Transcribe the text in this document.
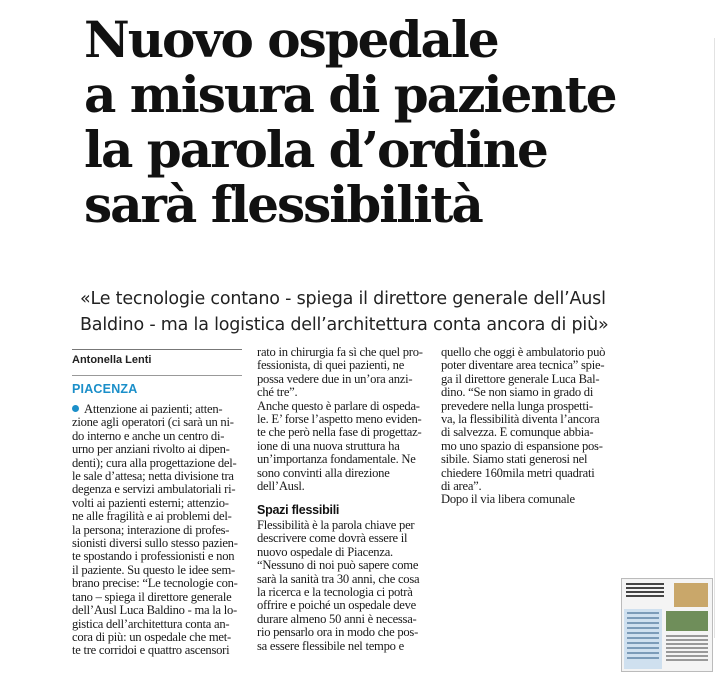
Nuovo ospedale
a misura di paziente
la parola d’ordine
sarà flessibilità
«Le tecnologie contano - spiega il direttore generale dell’Ausl
Baldino - ma la logistica dell’architettura conta ancora di più»
Antonella Lenti
PIACENZA
Attenzione ai pazienti; atten-
zione agli operatori (ci sarà un ni-
do interno e anche un centro di-
urno per anziani rivolto ai dipen-
denti); cura alla progettazione del-
le sale d’attesa; netta divisione tra
degenza e servizi ambulatoriali ri-
volti ai pazienti esterni; attenzio-
ne alle fragilità e ai problemi del-
la persona; interazione di profes-
sionisti diversi sullo stesso pazien-
te spostando i professionisti e non
il paziente. Su questo le idee sem-
brano precise: “Le tecnologie con-
tano – spiega il direttore generale
dell’Ausl Luca Baldino - ma la lo-
gistica dell’architettura conta an-
cora di più: un ospedale che met-
te tre corridoi e quattro ascensori
rato in chirurgia fa sì che quel pro-
fessionista, di quei pazienti, ne
possa vedere due in un’ora anzi-
ché tre”.
Anche questo è parlare di ospeda-
le. E’ forse l’aspetto meno eviden-
te che però nella fase di progettaz-
ione di una nuova struttura ha
un’importanza fondamentale. Ne
sono convinti alla direzione
dell’Ausl.
Spazi flessibili
Flessibilità è la parola chiave per
descrivere come dovrà essere il
nuovo ospedale di Piacenza.
“Nessuno di noi può sapere come
sarà la sanità tra 30 anni, che cosa
la ricerca e la tecnologia ci potrà
offrire e poiché un ospedale deve
durare almeno 50 anni è necessa-
rio pensarlo ora in modo che pos-
sa essere flessibile nel tempo e
quello che oggi è ambulatorio può
poter diventare area tecnica” spie-
ga il direttore generale Luca Bal-
dino. “Se non siamo in grado di
prevedere nella lunga prospetti-
va, la flessibilità diventa l’ancora
di salvezza. E comunque abbia-
mo uno spazio di espansione pos-
sibile. Siamo stati generosi nel
chiedere 160mila metri quadrati
di area”.
Dopo il via libera comunale
